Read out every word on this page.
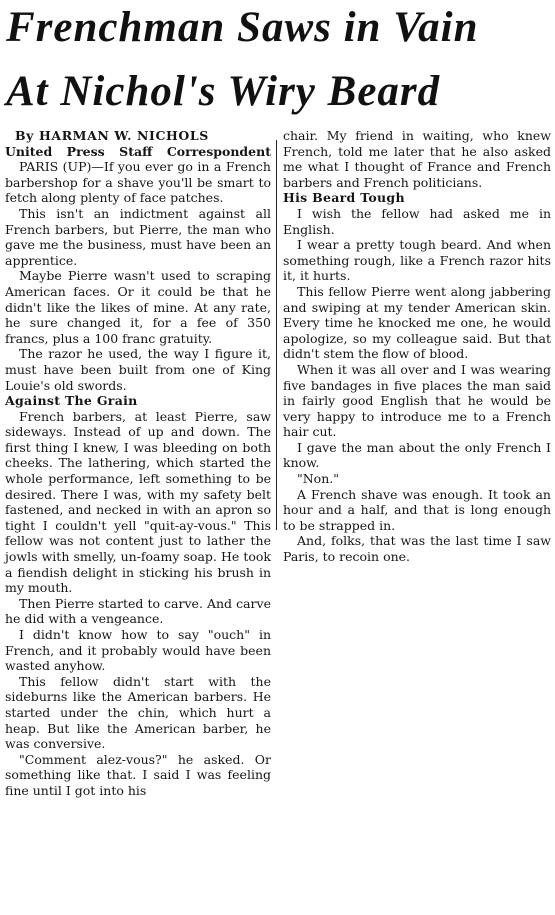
Frenchman Saws in Vain
At Nichol's Wiry Beard

By HARMAN W. NICHOLS

United Press Staff Correspondent

PARIS (UP)—If you ever go in a French barbershop for a shave you'll be smart to fetch along plenty of face patches.

This isn't an indictment against all French barbers, but Pierre, the man who gave me the business, must have been an apprentice.

Maybe Pierre wasn't used to scraping American faces. Or it could be that he didn't like the likes of mine. At any rate, he sure changed it, for a fee of 350 francs, plus a 100 franc gratuity.

The razor he used, the way I figure it, must have been built from one of King Louie's old swords.

Against The Grain

French barbers, at least Pierre, saw sideways. Instead of up and down. The first thing I knew, I was bleeding on both cheeks. The lathering, which started the whole performance, left something to be desired. There I was, with my safety belt fastened, and necked in with an apron so tight I couldn't yell "quit-ay-vous." This fellow was not content just to lather the jowls with smelly, un-foamy soap. He took a fiendish delight in sticking his brush in my mouth.

Then Pierre started to carve. And carve he did with a vengeance.

I didn't know how to say "ouch" in French, and it probably would have been wasted anyhow.

This fellow didn't start with the sideburns like the American barbers. He started under the chin, which hurt a heap. But like the American barber, he was conversive.

"Comment alez-vous?" he asked. Or something like that. I said I was feeling fine until I got into his

chair. My friend in waiting, who knew French, told me later that he also asked me what I thought of France and French barbers and French politicians.

His Beard Tough

I wish the fellow had asked me in English.

I wear a pretty tough beard. And when something rough, like a French razor hits it, it hurts.

This fellow Pierre went along jabbering and swiping at my tender American skin. Every time he knocked me one, he would apologize, so my colleague said. But that didn't stem the flow of blood.

When it was all over and I was wearing five bandages in five places the man said in fairly good English that he would be very happy to introduce me to a French hair cut.

I gave the man about the only French I know.

"Non."

A French shave was enough. It took an hour and a half, and that is long enough to be strapped in.

And, folks, that was the last time I saw Paris, to recoin one.
